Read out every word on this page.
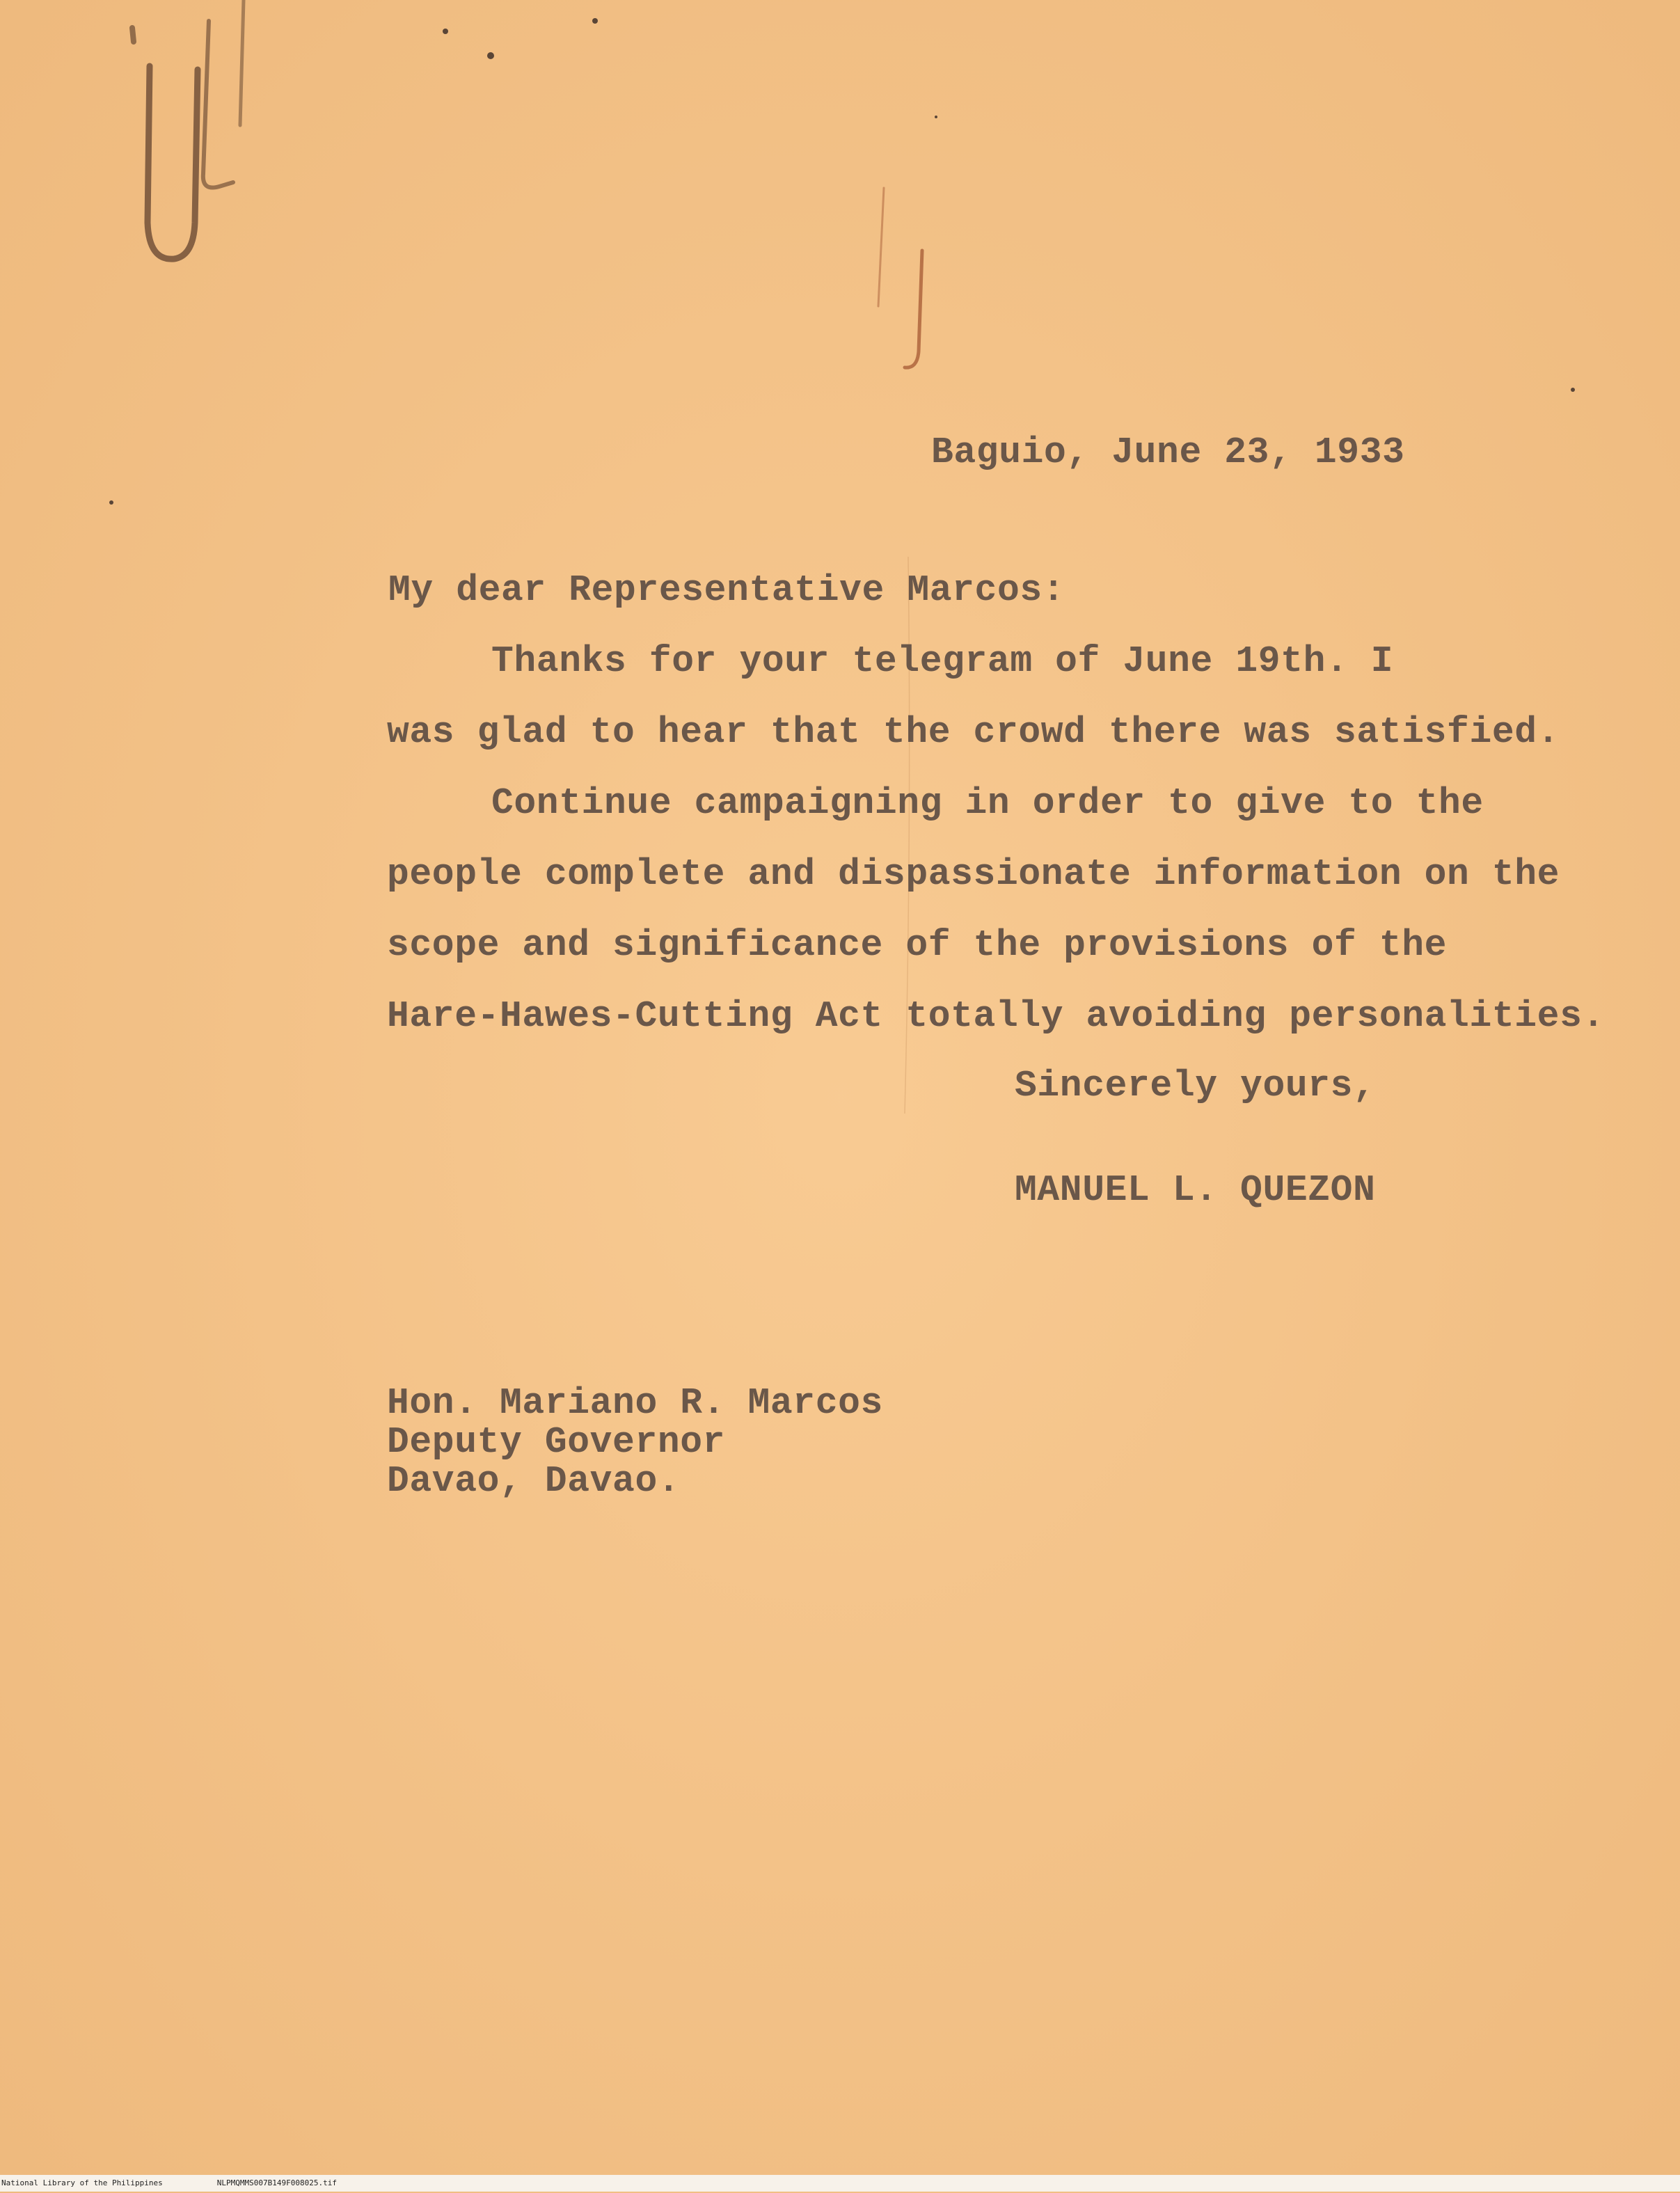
Baguio, June 23, 1933
My dear Representative Marcos:
Thanks for your telegram of June 19th. I
was glad to hear that the crowd there was satisfied.
Continue campaigning in order to give to the
people complete and dispassionate information on the
scope and significance of the provisions of the
Hare-Hawes-Cutting Act totally avoiding personalities.
Sincerely yours,
MANUEL L. QUEZON
Hon. Mariano R. Marcos
Deputy Governor
Davao, Davao.
National Library of the Philippines	NLPMQMMS007B149F008025.tif
